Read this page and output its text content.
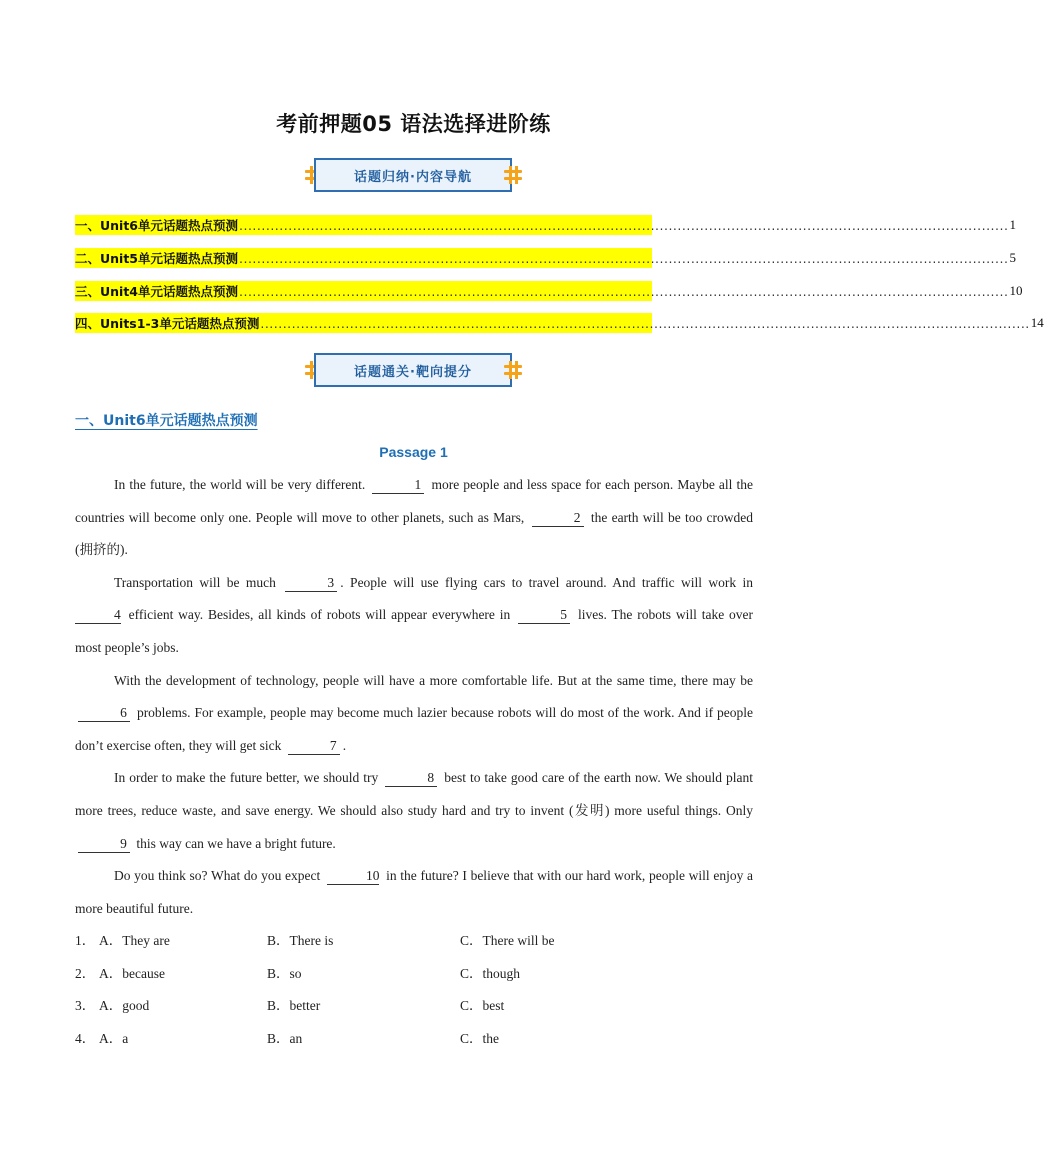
考前押题05 语法选择进阶练
话题归纳·内容导航
一、Unit6单元话题热点预测 ............................................................................................................................................................................ 1
二、Unit5单元话题热点预测 ............................................................................................................................................................................ 5
三、Unit4单元话题热点预测 ............................................................................................................................................................................ 10
四、Units1-3单元话题热点预测 ............................................................................................................................................................................ 14
话题通关·靶向提分
一、Unit6单元话题热点预测
Passage 1

In the future, the world will be very different.	1 more people and less space for each person. Maybe all the countries will become only one. People will move to other planets, such as Mars,	2 the earth will be too crowded (拥挤的).

Transportation will be much	3 . People will use flying cars to travel around. And traffic will work in 4 efficient way. Besides, all kinds of robots will appear everywhere in	5 lives. The robots will take over most people’s jobs.

With the development of technology, people will have a more comfortable life. But at the same time, there may be 6 problems. For example, people may become much lazier because robots will do most of the work. And if people don’t exercise often, they will get sick	7 .

In order to make the future better, we should try	8 best to take good care of the earth now. We should plant more trees, reduce waste, and save energy. We should also study hard and try to invent (发明) more useful things. Only 9 this way can we have a bright future.

Do you think so? What do you expect	10 in the future? I believe that with our hard work, people will enjoy a more beautiful future.

1． A．They are	B．There is	C．There will be
2． A．because	B．so	C．though
3． A．good	B．better	C．best
4． A．a	B．an	C．the
